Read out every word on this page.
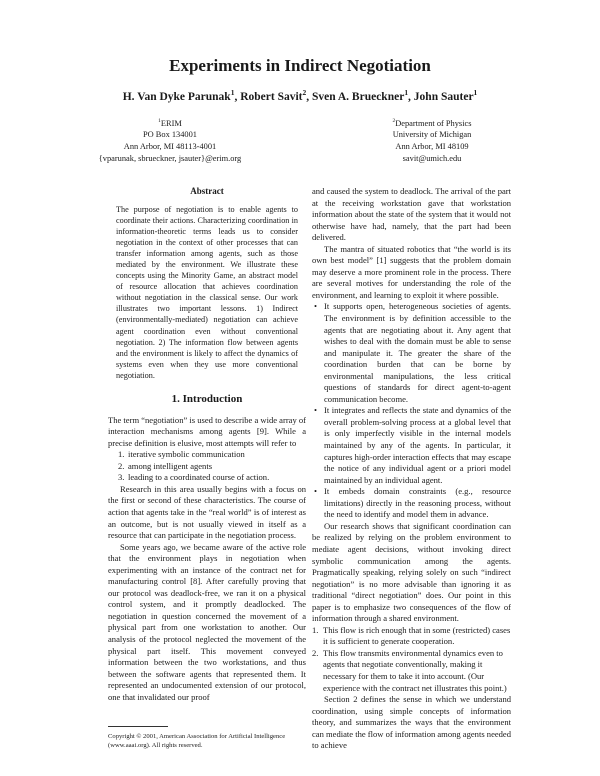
Experiments in Indirect Negotiation
H. Van Dyke Parunak$^1$, Robert Savit$^2$, Sven A. Brueckner$^1$, John Sauter$^1$
$^1$ERIM
PO Box 134001
Ann Arbor, MI 48113-4001
{vparunak, sbrueckner, jsauter}@erim.org
$^2$Department of Physics
University of Michigan
Ann Arbor, MI 48109
savit@umich.edu
Abstract

The purpose of negotiation is to enable agents to coordinate their actions. Characterizing coordination in information-theoretic terms leads us to consider negotiation in the context of other processes that can transfer information among agents, such as those mediated by the environment. We illustrate these concepts using the Minority Game, an abstract model of resource allocation that achieves coordination without negotiation in the classical sense. Our work illustrates two important lessons. 1) Indirect (environmentally-mediated) negotiation can achieve agent coordination even without conventional negotiation. 2) The information flow between agents and the environment is likely to affect the dynamics of systems even when they use more conventional negotiation.

1. Introduction

The term “negotiation” is used to describe a wide array of interaction mechanisms among agents [9]. While a precise definition is elusive, most attempts will refer to

1. iterative symbolic communication
2. among intelligent agents
3. leading to a coordinated course of action.

Research in this area usually begins with a focus on the first or second of these characteristics. The course of action that agents take in the “real world” is of interest as an outcome, but is not usually viewed in itself as a resource that can participate in the negotiation process.

Some years ago, we became aware of the active role that the environment plays in negotiation when experimenting with an instance of the contract net for manufacturing control [8]. After carefully proving that our protocol was deadlock-free, we ran it on a physical control system, and it promptly deadlocked. The negotiation in question concerned the movement of a physical part from one workstation to another. Our analysis of the protocol neglected the movement of the physical part itself. This movement conveyed information between the two workstations, and thus between the software agents that represented them. It represented an undocumented extension of our protocol, one that invalidated our proof

and caused the system to deadlock. The arrival of the part at the receiving workstation gave that workstation information about the state of the system that it would not otherwise have had, namely, that the part had been delivered.

The mantra of situated robotics that “the world is its own best model” [1] suggests that the problem domain may deserve a more prominent role in the process. There are several motives for understanding the role of the environment, and learning to exploit it where possible.

• It supports open, heterogeneous societies of agents. The environment is by definition accessible to the agents that are negotiating about it. Any agent that wishes to deal with the domain must be able to sense and manipulate it. The greater the share of the coordination burden that can be borne by environmental manipulations, the less critical questions of standards for direct agent-to-agent communication become.
• It integrates and reflects the state and dynamics of the overall problem-solving process at a global level that is only imperfectly visible in the internal models maintained by any of the agents. In particular, it captures high-order interaction effects that may escape the notice of any individual agent or a priori model maintained by an individual agent.
• It embeds domain constraints (e.g., resource limitations) directly in the reasoning process, without the need to identify and model them in advance.

Our research shows that significant coordination can be realized by relying on the problem environment to mediate agent decisions, without invoking direct symbolic communication among the agents. Pragmatically speaking, relying solely on such “indirect negotiation” is no more advisable than ignoring it as traditional “direct negotiation” does. Our point in this paper is to emphasize two consequences of the flow of information through a shared environment.

1. This flow is rich enough that in some (restricted) cases it is sufficient to generate cooperation.
2. This flow transmits environmental dynamics even to agents that negotiate conventionally, making it necessary for them to take it into account. (Our experience with the contract net illustrates this point.)

Section 2 defines the sense in which we understand coordination, using simple concepts of information theory, and summarizes the ways that the environment can mediate the flow of information among agents needed to achieve

Copyright © 2001, American Association for Artificial Intelligence (www.aaai.org). All rights reserved.
